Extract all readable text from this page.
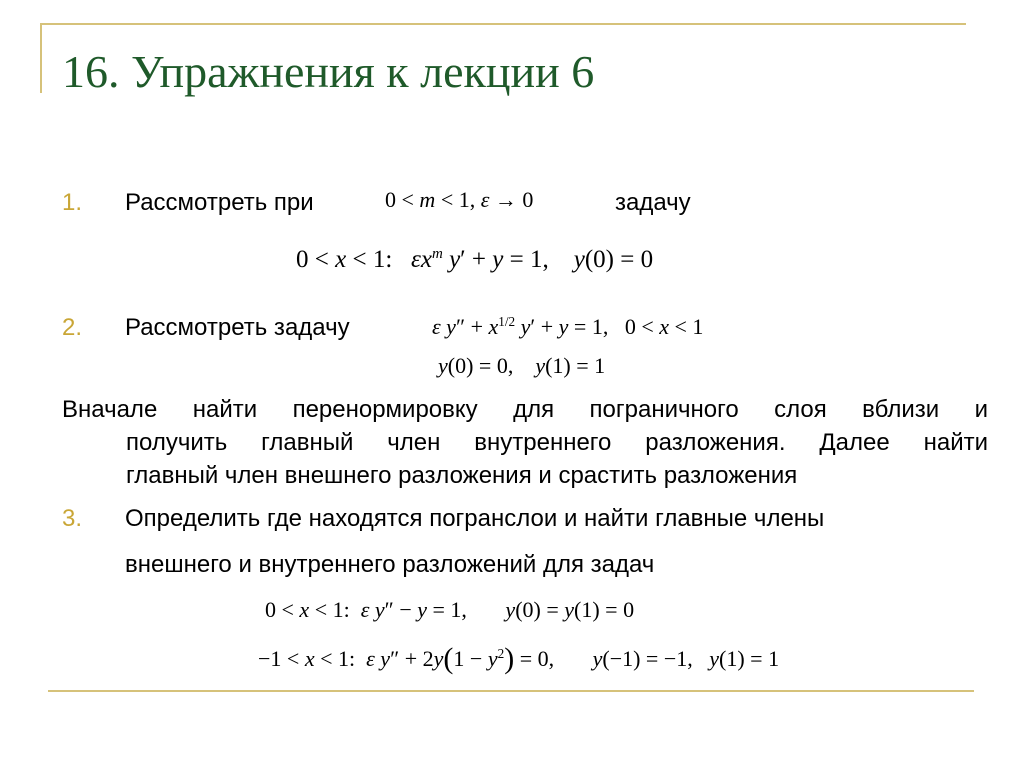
16. Упражнения к лекции 6
1. Рассмотреть при	0 < m < 1, ε → 0	задачу
0 < x < 1:   $\varepsilon x^m$ y′ + y = 1,    y(0) = 0
2. Рассмотреть задачу	ε $y'' + x^{1/2}$ y′ + y = 1,   0 < x < 1
y(0) = 0,    y(1) = 1
Вначале найти перенормировку для пограничного слоя вблизи и
получить главный член внутреннего разложения. Далее найти
главный член внешнего разложения и срастить разложения
3. Определить где находятся погранслои и найти главные члены
внешнего и внутреннего разложений для задач
0 < x < 1:  ε y″ − y = 1,       y(0) = y(1) = 0
−1 < x < 1:  ε $y'' + 2y(1 - y^2) = 0$,       y(−1) = −1,   y(1) = 1
